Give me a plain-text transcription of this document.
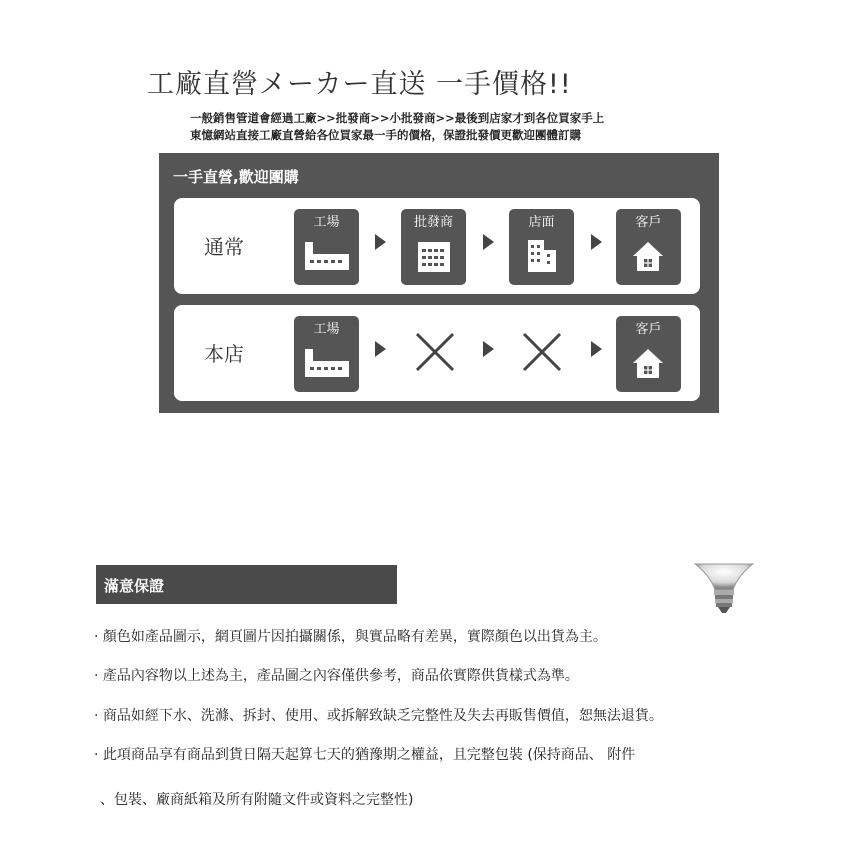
工廠直營メーカー直送 一手價格!!
一般銷售管道會經過工廠>>批發商>>小批發商>>最後到店家才到各位買家手上
東憶網站直接工廠直營給各位買家最一手的價格，保證批發價更歡迎團體訂購
一手直營,歡迎團購
通常
工場	批發商	店面	客戶
本店
工場	客戶
滿意保證
· 顏色如產品圖示，網頁圖片因拍攝關係，與實品略有差異，實際顏色以出貨為主。
· 產品內容物以上述為主，產品圖之內容僅供參考，商品依實際供貨樣式為準。
· 商品如經下水、洗滌、拆封、使用、或拆解致缺乏完整性及失去再販售價值，恕無法退貨。
· 此項商品享有商品到貨日隔天起算七天的猶豫期之權益，且完整包裝 (保持商品、 附件
、包裝、廠商紙箱及所有附隨文件或資料之完整性)
